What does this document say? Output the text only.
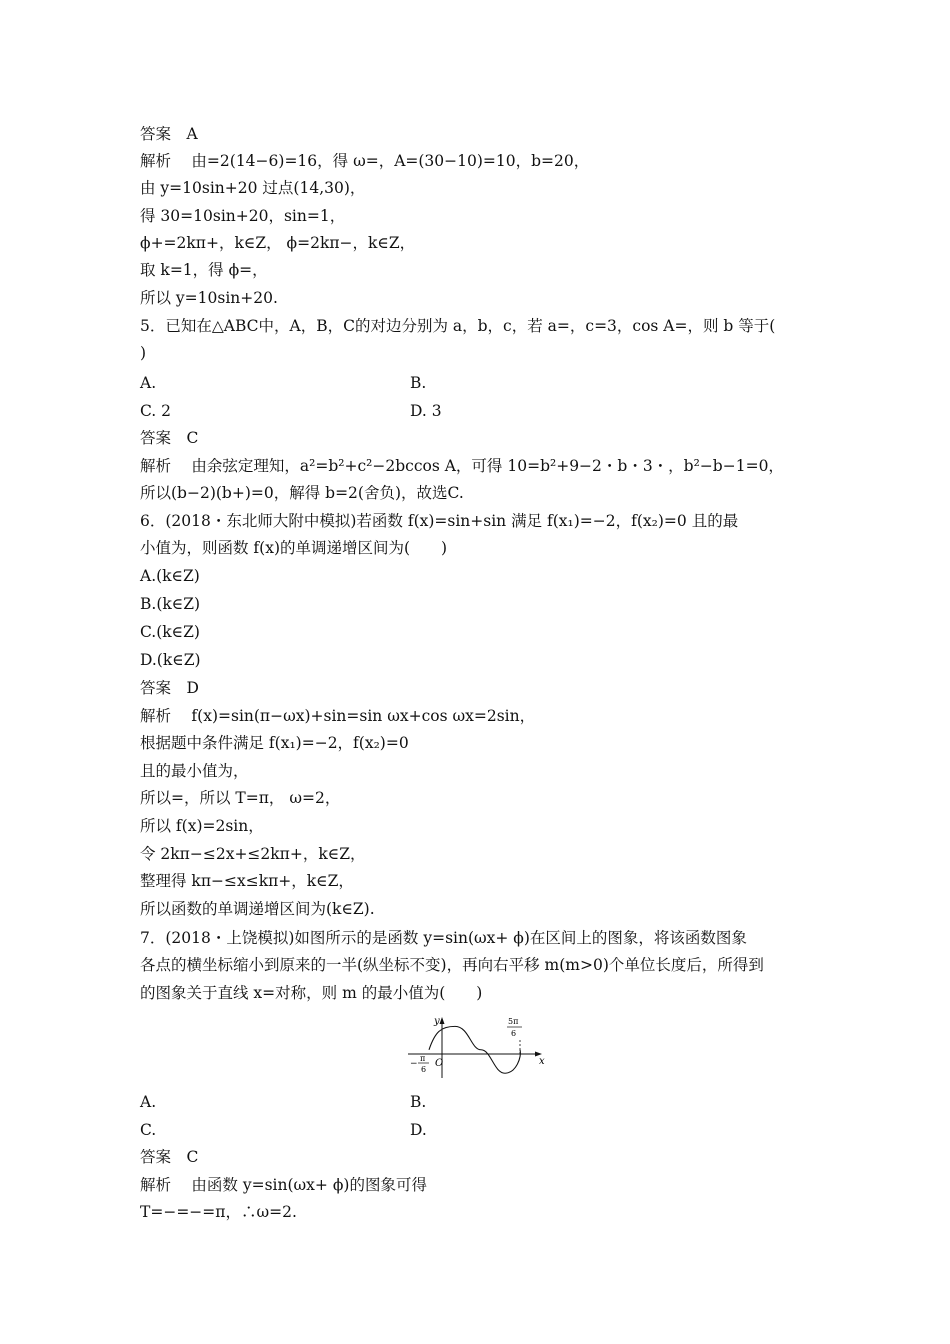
答案　A
解析　 由=2(14−6)=16，得 ω=，A=(30−10)=10，b=20，
由 y=10sin+20 过点(14,30)，
得 30=10sin+20，sin=1，
ϕ+=2kπ+，k∈Z， ϕ=2kπ−，k∈Z，
取 k=1，得 ϕ=，
所以 y=10sin+20.
5．已知在△ABC中，A，B，C的对边分别为 a，b，c，若 a=，c=3，cos A=，则 b 等于(
)
A.	B.
C. 2	D. 3
答案　C
解析　 由余弦定理知，a²=b²+c²−2bccos A，可得 10=b²+9−2・b・3・，b²−b−1=0，
所以(b−2)(b+)=0，解得 b=2(舍负)，故选C.
6．(2018・东北师大附中模拟)若函数 f(x)=sin+sin 满足 f(x₁)=−2，f(x₂)=0 且的最
小值为，则函数 f(x)的单调递增区间为(　　)
A.(k∈Z)
B.(k∈Z)
C.(k∈Z)
D.(k∈Z)
答案　D
解析　 f(x)=sin(π−ωx)+sin=sin ωx+cos ωx=2sin，
根据题中条件满足 f(x₁)=−2，f(x₂)=0
且的最小值为，
所以=，所以 T=π， ω=2，
所以 f(x)=2sin，
令 2kπ−≤2x+≤2kπ+，k∈Z，
整理得 kπ−≤x≤kπ+，k∈Z，
所以函数的单调递增区间为(k∈Z).
7．(2018・上饶模拟)如图所示的是函数 y=sin(ωx+ ϕ)在区间上的图象，将该函数图象
各点的横坐标缩小到原来的一半(纵坐标不变)，再向右平移 m(m>0)个单位长度后，所得到
的图象关于直线 x=对称，则 m 的最小值为(　　)
y
x
O
−
π
6
5π
6
A.	B.
C.	D.
答案　C
解析　 由函数 y=sin(ωx+ ϕ)的图象可得
T=−=−=π，∴ω=2.
